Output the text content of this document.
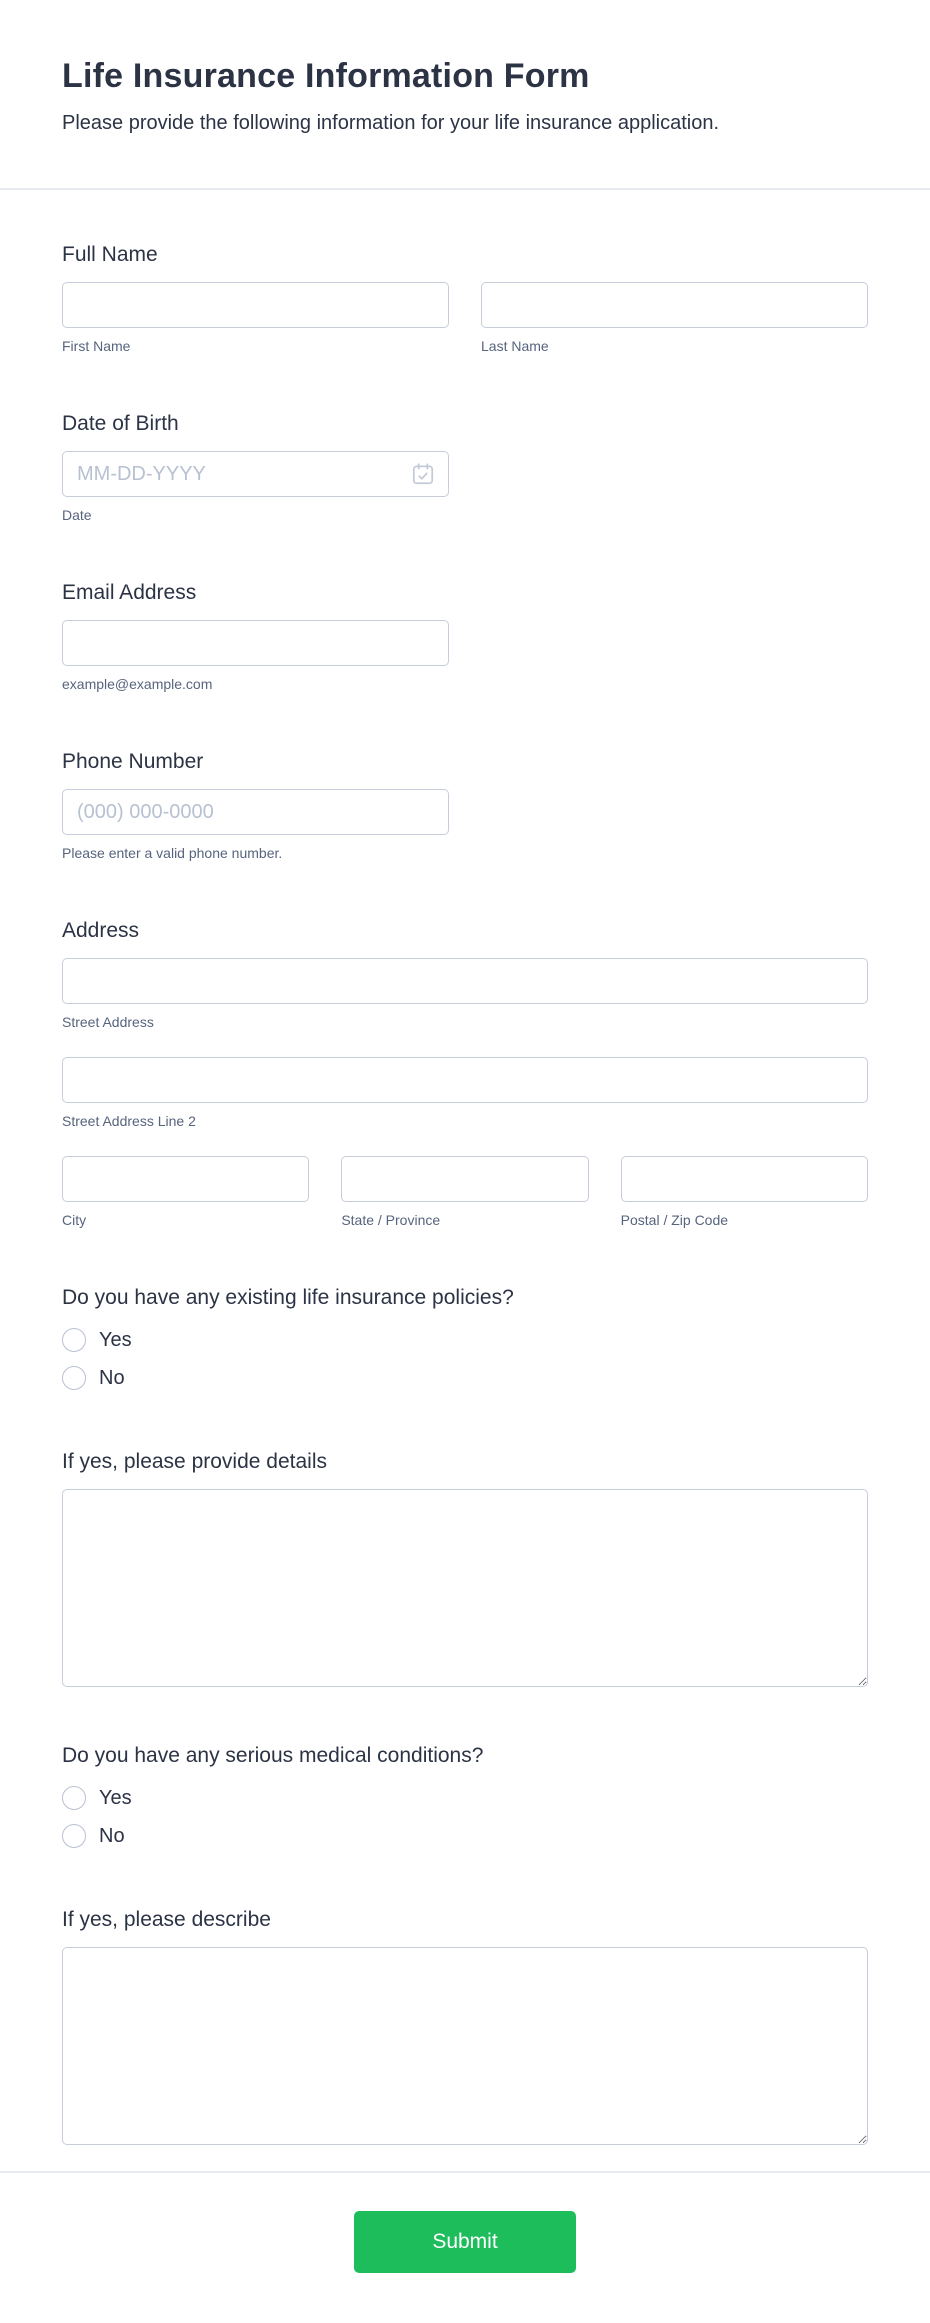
Life Insurance Information Form

Please provide the following information for your life insurance application.

Full Name
First Name	Last Name
Date of Birth
MM-DD-YYYY
Date
Email Address
example@example.com
Phone Number
(000) 000-0000
Please enter a valid phone number.
Address
Street Address
Street Address Line 2
City	State / Province	Postal / Zip Code
Do you have any existing life insurance policies?
Yes
No
If yes, please provide details
Do you have any serious medical conditions?
Yes
No
If yes, please describe
Submit
